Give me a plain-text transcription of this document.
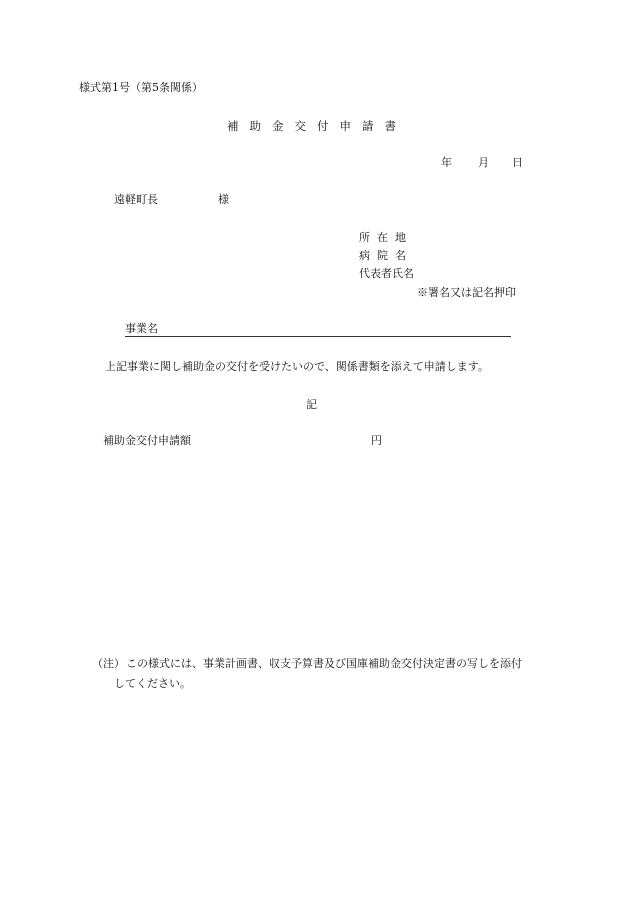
様式第1号（第5条関係）
補助金交付申請書
年 月 日
遠軽町長	様
所在地
病院名
代表者氏名
※署名又は記名押印
事業名
上記事業に関し補助金の交付を受けたいので、関係書類を添えて申請します。
記
補助金交付申請額	円
（注） この様式には、事業計画書、収支予算書及び国庫補助金交付決定書の写しを添付
してください。
